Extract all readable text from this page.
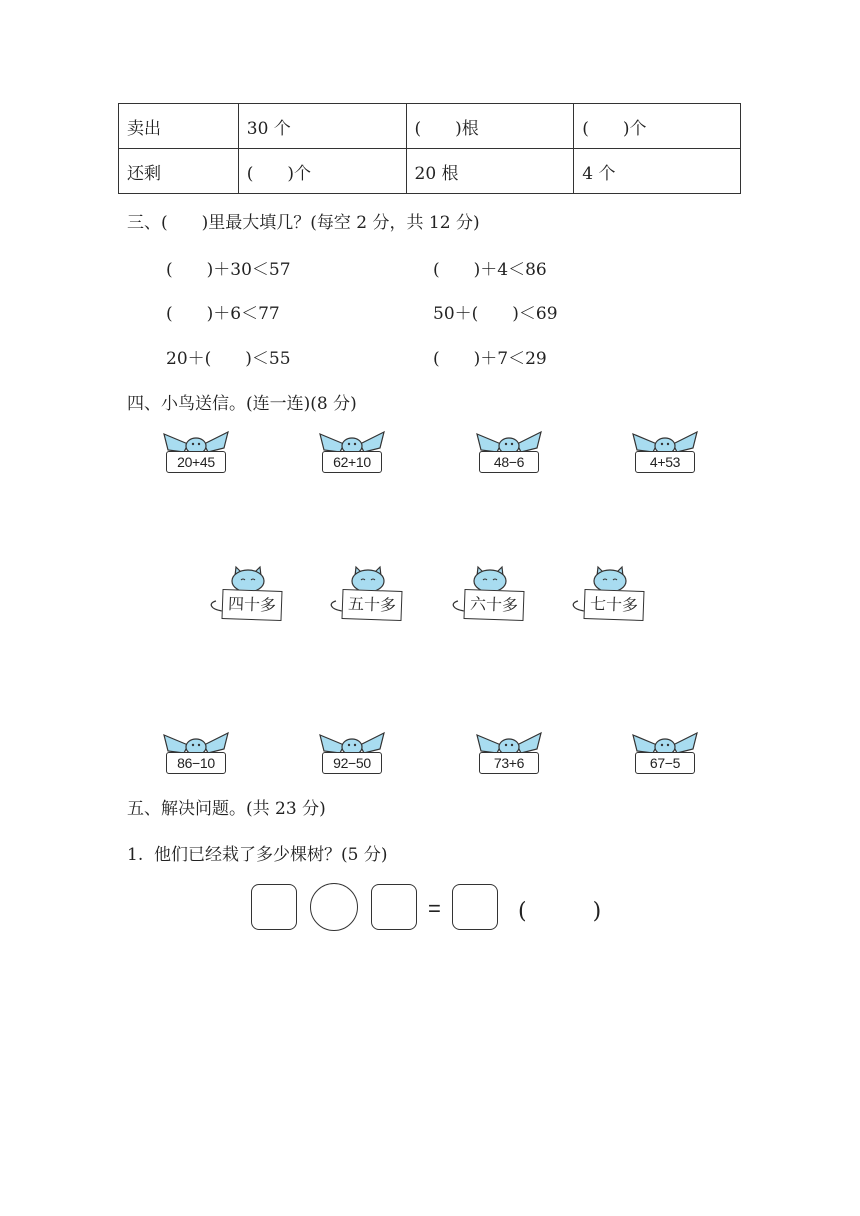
卖出	30 个	(　　)根	(　　)个
还剩	(　　)个	20 根	4 个
三、(　　)里最大填几？(每空 2 分，共 12 分)
(　　)＋30＜57	(　　)＋4＜86
(　　)＋6＜77	50＋(　　)＜69
20＋(　　)＜55	(　　)＋7＜29
四、小鸟送信。(连一连)(8 分)
20+45	62+10	48−6	4+53
四十多	五十多	六十多	七十多
86−10	92−50	73+6	67−5
五、解决问题。(共 23 分)
1.  他们已经栽了多少棵树？(5 分)
=	(　　　)
